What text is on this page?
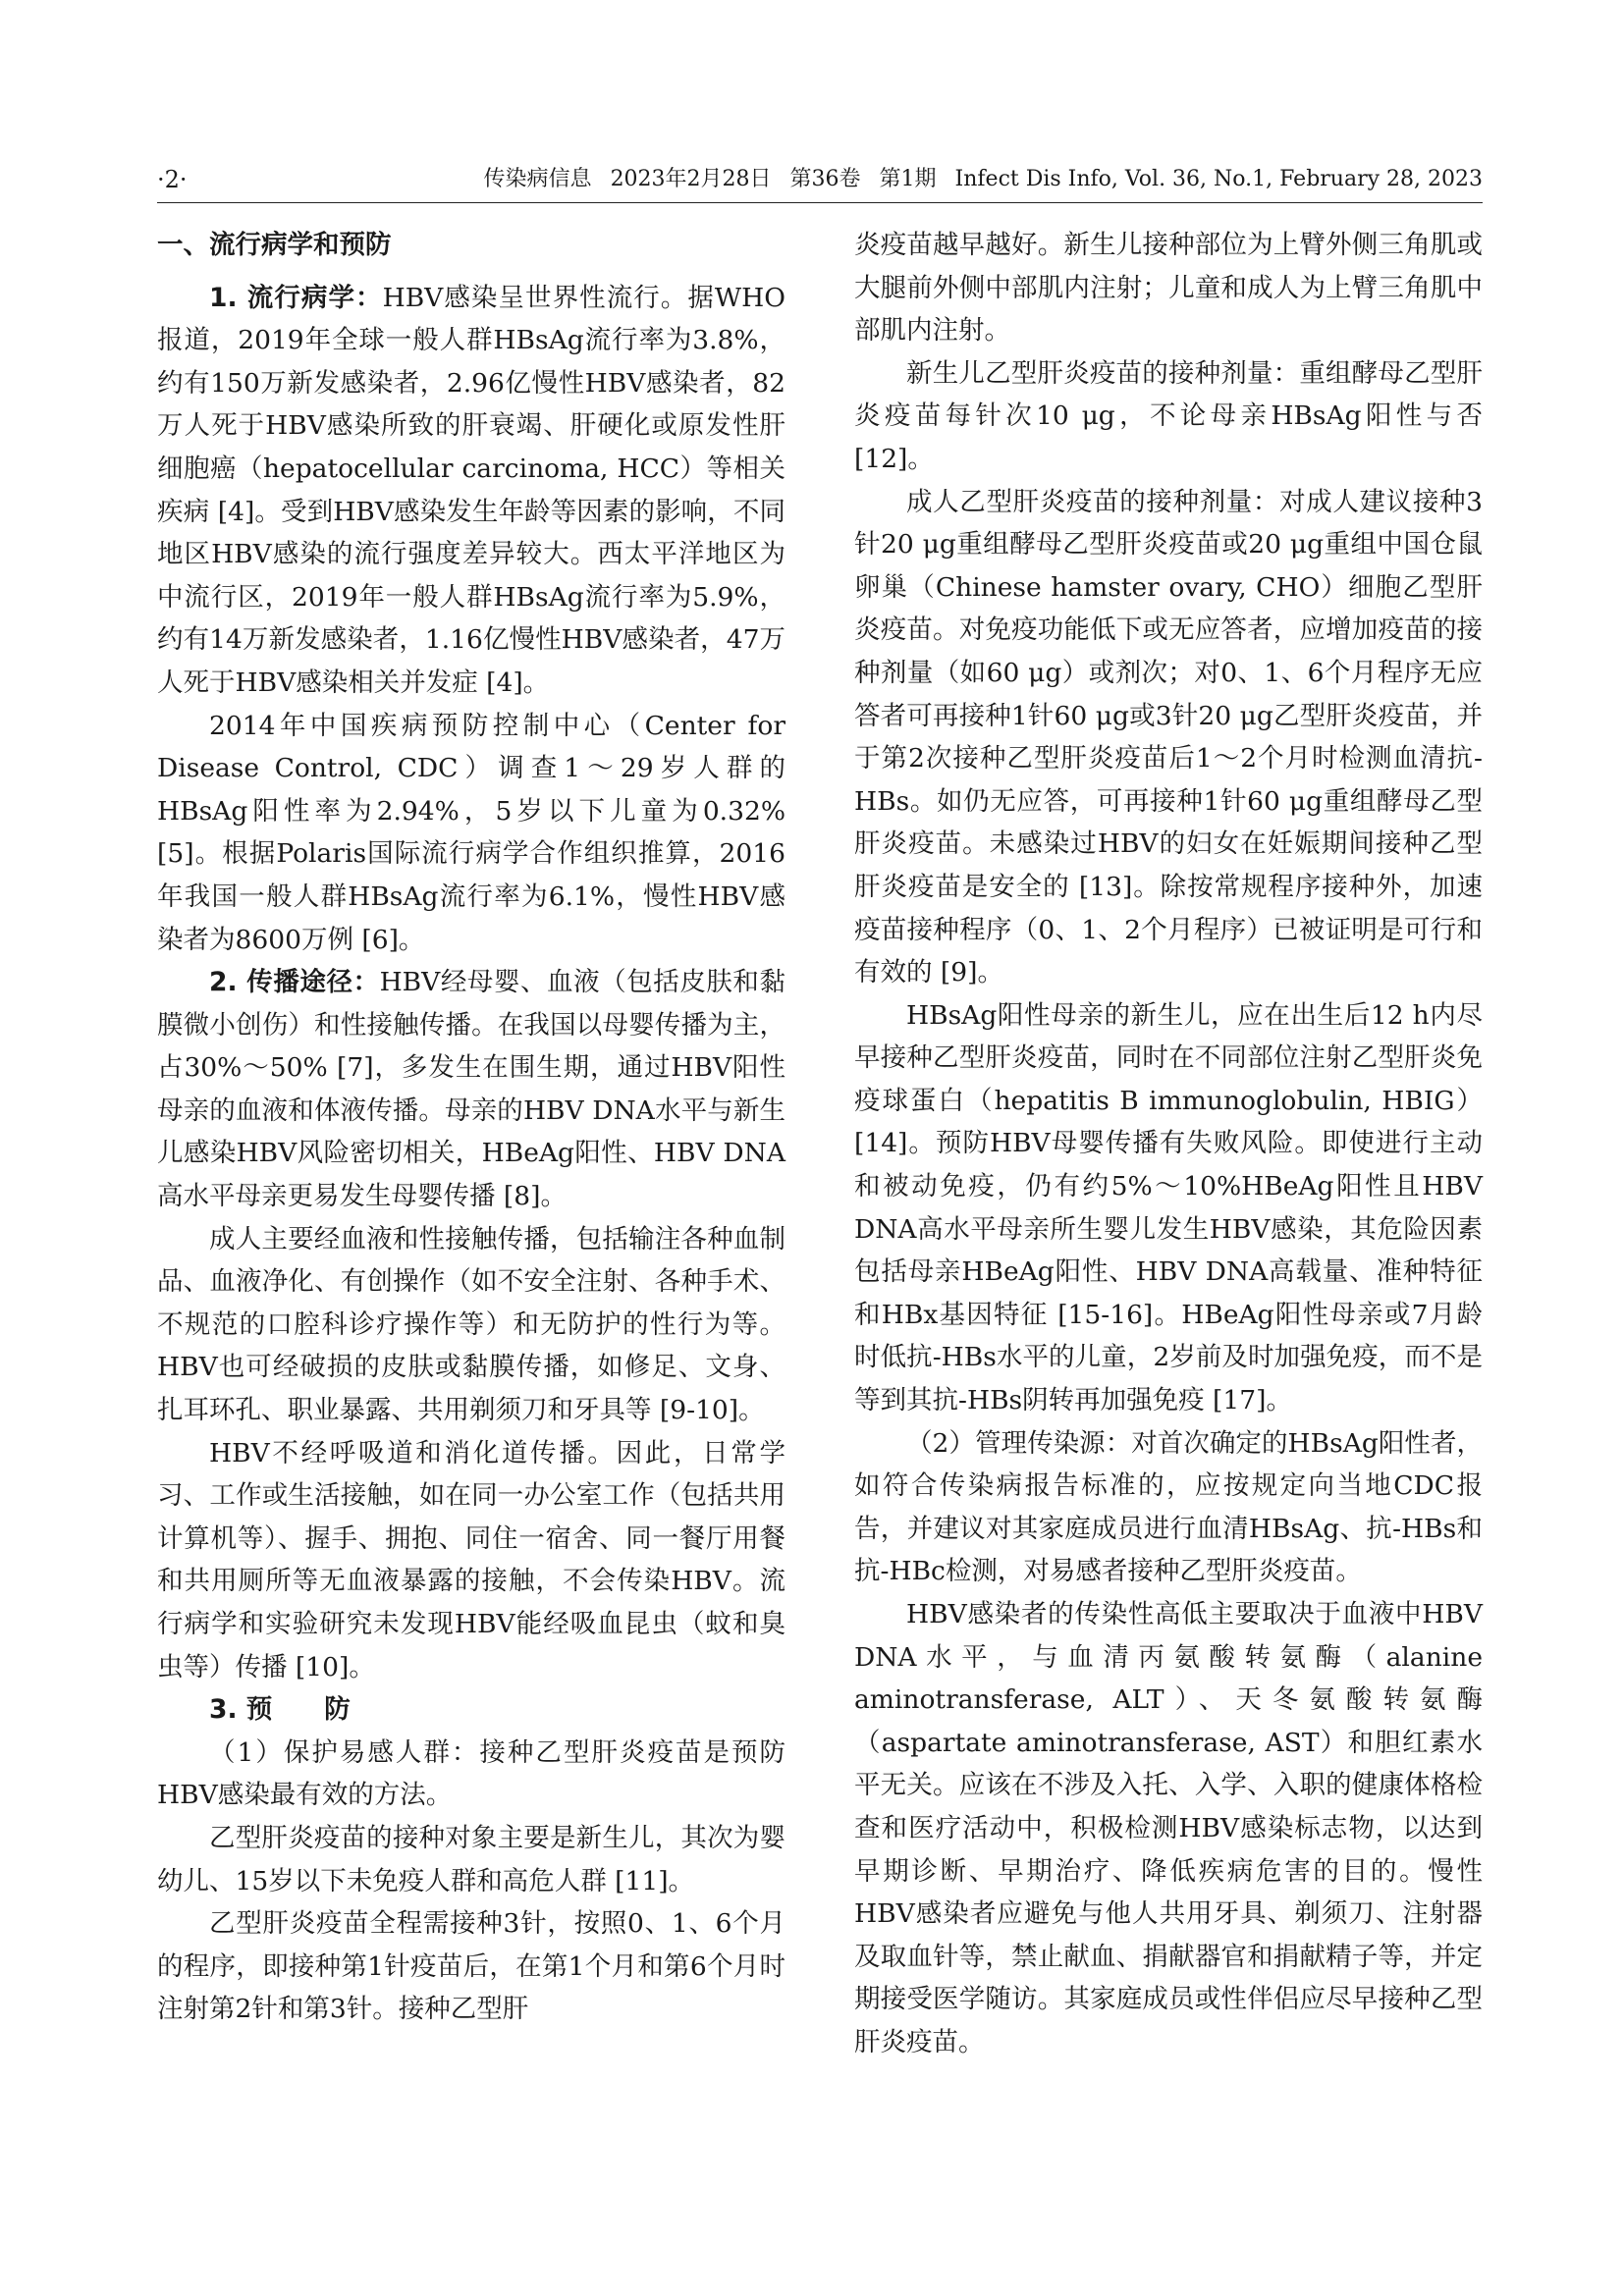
·2·	传染病信息 2023年2月28日 第36卷 第1期 Infect Dis Info, Vol. 36, No.1, February 28, 2023
一、流行病学和预防

1. 流行病学：HBV感染呈世界性流行。据WHO报道，2019年全球一般人群HBsAg流行率为3.8%，约有150万新发感染者，2.96亿慢性HBV感染者，82万人死于HBV感染所致的肝衰竭、肝硬化或原发性肝细胞癌（hepatocellular carcinoma, HCC）等相关疾病 [4]。受到HBV感染发生年龄等因素的影响，不同地区HBV感染的流行强度差异较大。西太平洋地区为中流行区，2019年一般人群HBsAg流行率为5.9%，约有14万新发感染者，1.16亿慢性HBV感染者，47万人死于HBV感染相关并发症 [4]。

2014年中国疾病预防控制中心（Center for Disease Control, CDC）调查1～29岁人群的HBsAg阳性率为2.94%，5岁以下儿童为0.32% [5]。根据Polaris国际流行病学合作组织推算，2016年我国一般人群HBsAg流行率为6.1%，慢性HBV感染者为8600万例 [6]。

2. 传播途径：HBV经母婴、血液（包括皮肤和黏膜微小创伤）和性接触传播。在我国以母婴传播为主，占30%～50% [7]，多发生在围生期，通过HBV阳性母亲的血液和体液传播。母亲的HBV DNA水平与新生儿感染HBV风险密切相关，HBeAg阳性、HBV DNA高水平母亲更易发生母婴传播 [8]。

成人主要经血液和性接触传播，包括输注各种血制品、血液净化、有创操作（如不安全注射、各种手术、不规范的口腔科诊疗操作等）和无防护的性行为等。HBV也可经破损的皮肤或黏膜传播，如修足、文身、扎耳环孔、职业暴露、共用剃须刀和牙具等 [9-10]。

HBV不经呼吸道和消化道传播。因此，日常学习、工作或生活接触，如在同一办公室工作（包括共用计算机等）、握手、拥抱、同住一宿舍、同一餐厅用餐和共用厕所等无血液暴露的接触，不会传染HBV。流行病学和实验研究未发现HBV能经吸血昆虫（蚊和臭虫等）传播 [10]。

3. 预　　防

（1）保护易感人群：接种乙型肝炎疫苗是预防HBV感染最有效的方法。

乙型肝炎疫苗的接种对象主要是新生儿，其次为婴幼儿、15岁以下未免疫人群和高危人群 [11]。

乙型肝炎疫苗全程需接种3针，按照0、1、6个月的程序，即接种第1针疫苗后，在第1个月和第6个月时注射第2针和第3针。接种乙型肝

炎疫苗越早越好。新生儿接种部位为上臂外侧三角肌或大腿前外侧中部肌内注射；儿童和成人为上臂三角肌中部肌内注射。

新生儿乙型肝炎疫苗的接种剂量：重组酵母乙型肝炎疫苗每针次10 μg，不论母亲HBsAg阳性与否 [12]。

成人乙型肝炎疫苗的接种剂量：对成人建议接种3针20 μg重组酵母乙型肝炎疫苗或20 μg重组中国仓鼠卵巢（Chinese hamster ovary, CHO）细胞乙型肝炎疫苗。对免疫功能低下或无应答者，应增加疫苗的接种剂量（如60 μg）或剂次；对0、1、6个月程序无应答者可再接种1针60 μg或3针20 μg乙型肝炎疫苗，并于第2次接种乙型肝炎疫苗后1～2个月时检测血清抗-HBs。如仍无应答，可再接种1针60 μg重组酵母乙型肝炎疫苗。未感染过HBV的妇女在妊娠期间接种乙型肝炎疫苗是安全的 [13]。除按常规程序接种外，加速疫苗接种程序（0、1、2个月程序）已被证明是可行和有效的 [9]。

HBsAg阳性母亲的新生儿，应在出生后12 h内尽早接种乙型肝炎疫苗，同时在不同部位注射乙型肝炎免疫球蛋白（hepatitis B immunoglobulin, HBIG）[14]。预防HBV母婴传播有失败风险。即使进行主动和被动免疫，仍有约5%～10%HBeAg阳性且HBV DNA高水平母亲所生婴儿发生HBV感染，其危险因素包括母亲HBeAg阳性、HBV DNA高载量、准种特征和HBx基因特征 [15-16]。HBeAg阳性母亲或7月龄时低抗-HBs水平的儿童，2岁前及时加强免疫，而不是等到其抗-HBs阴转再加强免疫 [17]。

（2）管理传染源：对首次确定的HBsAg阳性者，如符合传染病报告标准的，应按规定向当地CDC报告，并建议对其家庭成员进行血清HBsAg、抗-HBs和抗-HBc检测，对易感者接种乙型肝炎疫苗。

HBV感染者的传染性高低主要取决于血液中HBV DNA水平，与血清丙氨酸转氨酶（alanine aminotransferase, ALT）、天冬氨酸转氨酶（aspartate aminotransferase, AST）和胆红素水平无关。应该在不涉及入托、入学、入职的健康体格检查和医疗活动中，积极检测HBV感染标志物，以达到早期诊断、早期治疗、降低疾病危害的目的。慢性HBV感染者应避免与他人共用牙具、剃须刀、注射器及取血针等，禁止献血、捐献器官和捐献精子等，并定期接受医学随访。其家庭成员或性伴侣应尽早接种乙型肝炎疫苗。
